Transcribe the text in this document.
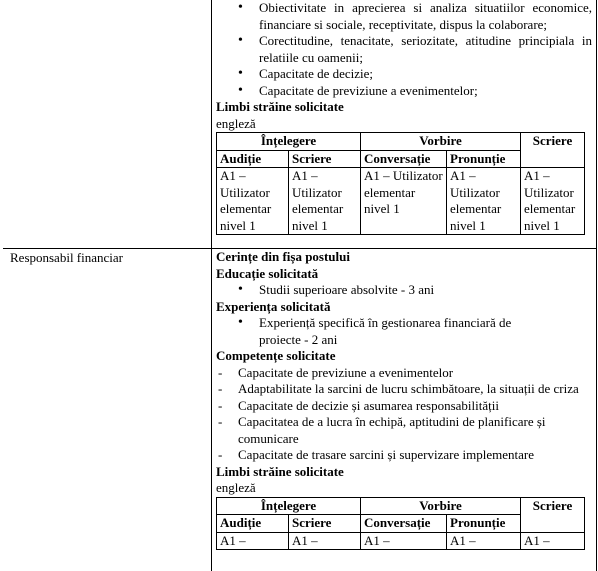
• Obiectivitate in aprecierea si analiza situatiilor economice, financiare si sociale, receptivitate, dispus la colaborare;
• Corectitudine, tenacitate, seriozitate, atitudine principiala in relatiile cu oamenii;
• Capacitate de decizie;
• Capacitate de previziune a evenimentelor;
Limbi străine solicitate
engleză
Înțelegere		Vorbire		Scriere
Audiție	Scriere	Conversație	Pronunție	
A1 – Utilizator elementar nivel 1	A1 – Utilizator elementar nivel 1	A1 – Utilizator elementar nivel 1	A1 – Utilizator elementar nivel 1	A1 – Utilizator elementar nivel 1
Responsabil financiar	Cerințe din fișa postului
Educație solicitată
• Studii superioare absolvite - 3 ani
Experiența solicitată
• Experiență specifică în gestionarea financiară de proiecte - 2 ani
Competențe solicitate
- Capacitate de previziune a evenimentelor
- Adaptabilitate la sarcini de lucru schimbătoare, la situații de criza
- Capacitate de decizie și asumarea responsabilității
- Capacitatea de a lucra în echipă, aptitudini de planificare și comunicare
- Capacitate de trasare sarcini și supervizare implementare
Limbi străine solicitate
engleză
Înțelegere		Vorbire		Scriere
Audiție	Scriere	Conversație	Pronunție	
A1 –	A1 –	A1 –	A1 –	A1 –
